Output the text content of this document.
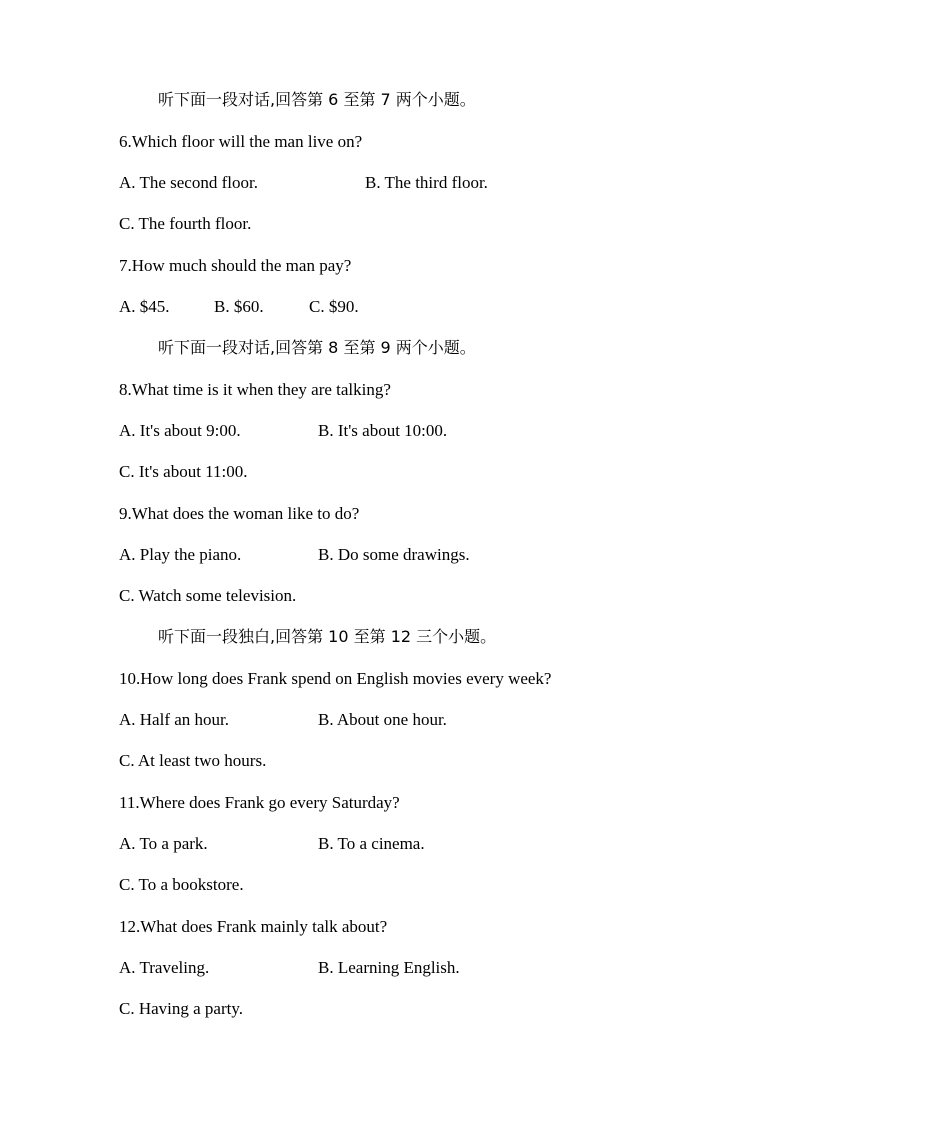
听下面一段对话,回答第 6 至第 7 两个小题。
6.Which floor will the man live on?
A. The second floor.	B. The third floor.
C. The fourth floor.
7.How much should the man pay?
A. $45.	B. $60.	C. $90.
听下面一段对话,回答第 8 至第 9 两个小题。
8.What time is it when they are talking?
A. It's about 9:00.	B. It's about 10:00.
C. It's about 11:00.
9.What does the woman like to do?
A. Play the piano.	B. Do some drawings.
C. Watch some television.
听下面一段独白,回答第 10 至第 12 三个小题。
10.How long does Frank spend on English movies every week?
A. Half an hour.	B. About one hour.
C. At least two hours.
11.Where does Frank go every Saturday?
A. To a park.	B. To a cinema.
C. To a bookstore.
12.What does Frank mainly talk about?
A. Traveling.	B. Learning English.
C. Having a party.
